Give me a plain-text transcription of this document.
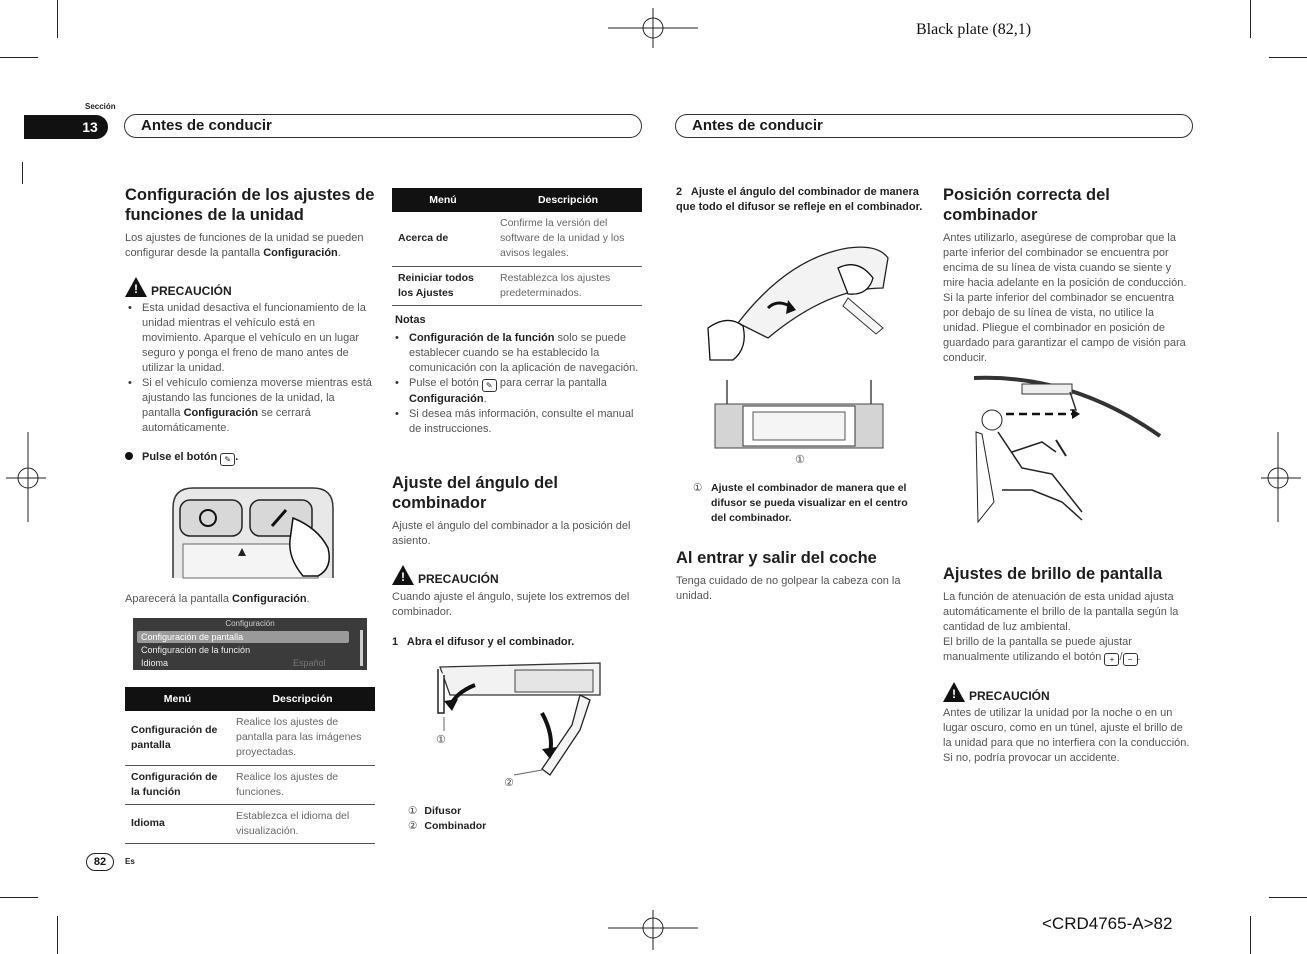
Black plate (82,1)
<CRD4765-A>82
Sección
13	Antes de conducir	Antes de conducir
Configuración de los ajustes de funciones de la unidad
Los ajustes de funciones de la unidad se pueden configurar desde la pantalla Configuración.
! PRECAUCIÓN
• Esta unidad desactiva el funcionamiento de la unidad mientras el vehículo está en movimiento. Aparque el vehículo en un lugar seguro y ponga el freno de mano antes de utilizar la unidad.
• Si el vehículo comienza moverse mientras está ajustando las funciones de la unidad, la pantalla Configuración se cerrará automáticamente.
Pulse el botón ✎ .
Aparecerá la pantalla Configuración.
Configuración
Configuración de pantalla
Configuración de la función
Idioma	Español
Menú	Descripción
Configuración de pantalla	Realice los ajustes de pantalla para las imágenes proyectadas.
Configuración de la función	Realice los ajustes de funciones.
Idioma	Establezca el idioma del visualización.
82	Es
Menú	Descripción
Acerca de	Confirme la versión del software de la unidad y los avisos legales.
Reiniciar todos los Ajustes	Restablezca los ajustes predeterminados.
Notas
• Configuración de la función solo se puede establecer cuando se ha establecido la comunicación con la aplicación de navegación.
• Pulse el botón ✎ para cerrar la pantalla Configuración.
• Si desea más información, consulte el manual de instrucciones.
Ajuste del ángulo del combinador
Ajuste el ángulo del combinador a la posición del asiento.
! PRECAUCIÓN
Cuando ajuste el ángulo, sujete los extremos del combinador.
1   Abra el difusor y el combinador.
①
②
① Difusor
② Combinador
2   Ajuste el ángulo del combinador de manera que todo el difusor se refleje en el combinador.
①
① Ajuste el combinador de manera que el difusor se pueda visualizar en el centro del combinador.
Al entrar y salir del coche
Tenga cuidado de no golpear la cabeza con la unidad.
Posición correcta del combinador
Antes utilizarlo, asegúrese de comprobar que la parte inferior del combinador se encuentra por encima de su línea de vista cuando se siente y mire hacia adelante en la posición de conducción. Si la parte inferior del combinador se encuentra por debajo de su línea de vista, no utilice la unidad. Pliegue el combinador en posición de guardado para garantizar el campo de visión para conducir.
Ajustes de brillo de pantalla
La función de atenuación de esta unidad ajusta automáticamente el brillo de la pantalla según la cantidad de luz ambiental.
El brillo de la pantalla se puede ajustar manualmente utilizando el botón + / − .
! PRECAUCIÓN
Antes de utilizar la unidad por la noche o en un lugar oscuro, como en un túnel, ajuste el brillo de la unidad para que no interfiera con la conducción. Si no, podría provocar un accidente.
